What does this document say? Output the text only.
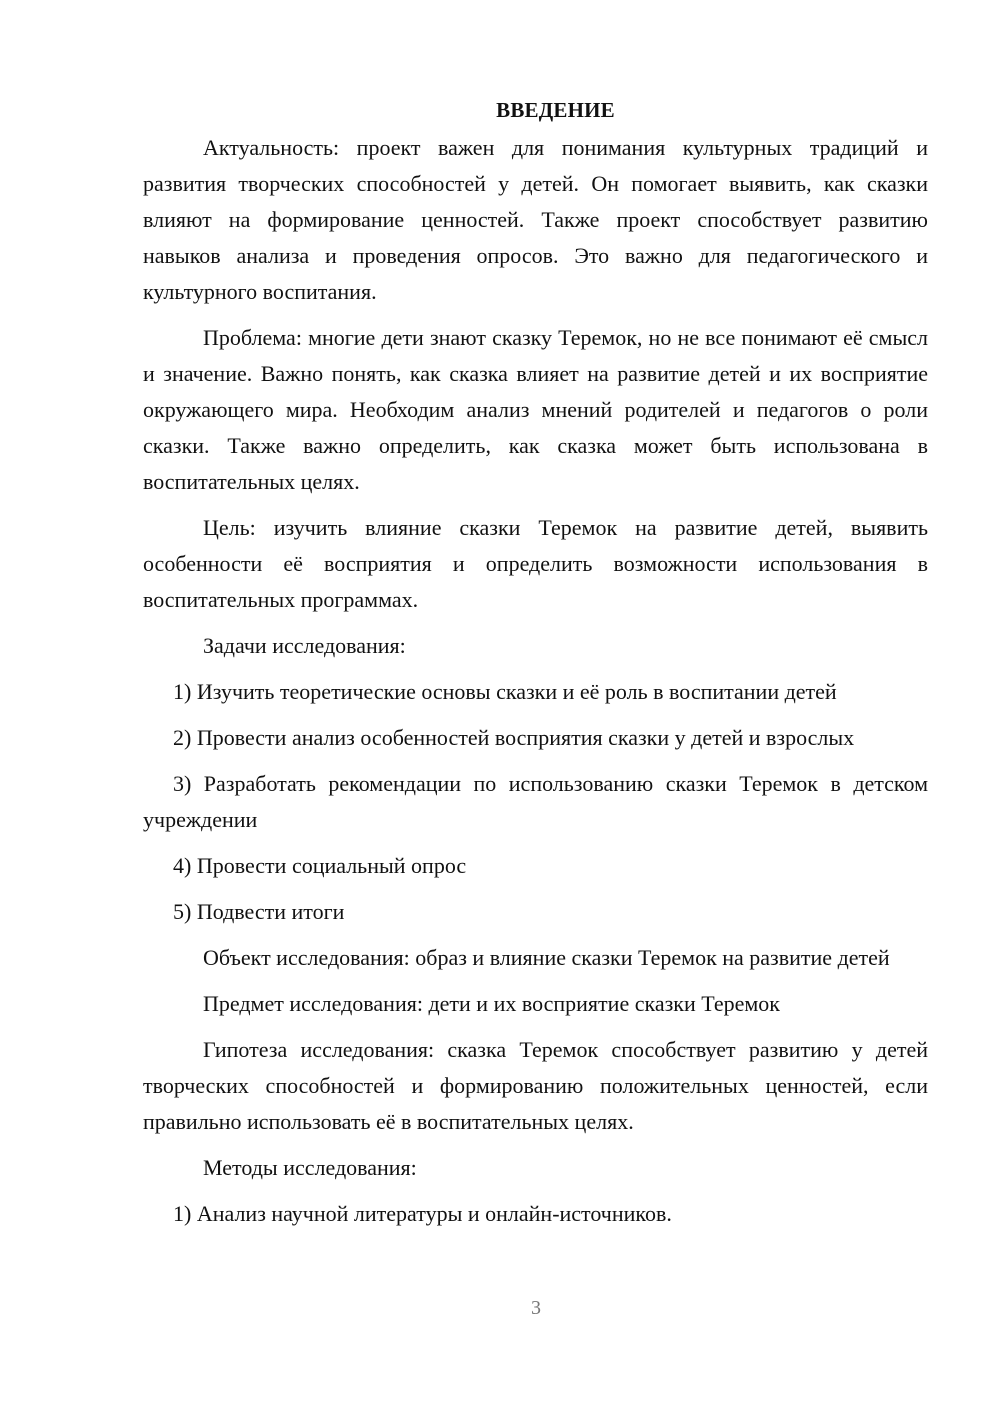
ВВЕДЕНИЕ

Актуальность: проект важен для понимания культурных традиций и развития творческих способностей у детей. Он помогает выявить, как сказки влияют на формирование ценностей. Также проект способствует развитию навыков анализа и проведения опросов. Это важно для педагогического и культурного воспитания.

Проблема: многие дети знают сказку Теремок, но не все понимают её смысл и значение. Важно понять, как сказка влияет на развитие детей и их восприятие окружающего мира. Необходим анализ мнений родителей и педагогов о роли сказки. Также важно определить, как сказка может быть использована в воспитательных целях.

Цель: изучить влияние сказки Теремок на развитие детей, выявить особенности её восприятия и определить возможности использования в воспитательных программах.

Задачи исследования:

1) Изучить теоретические основы сказки и её роль в воспитании детей

2) Провести анализ особенностей восприятия сказки у детей и взрослых

3) Разработать рекомендации по использованию сказки Теремок в детском учреждении

4) Провести социальный опрос

5) Подвести итоги

Объект исследования: образ и влияние сказки Теремок на развитие детей

Предмет исследования: дети и их восприятие сказки Теремок

Гипотеза исследования: сказка Теремок способствует развитию у детей творческих способностей и формированию положительных ценностей, если правильно использовать её в воспитательных целях.

Методы исследования:

1) Анализ научной литературы и онлайн-источников.

3
